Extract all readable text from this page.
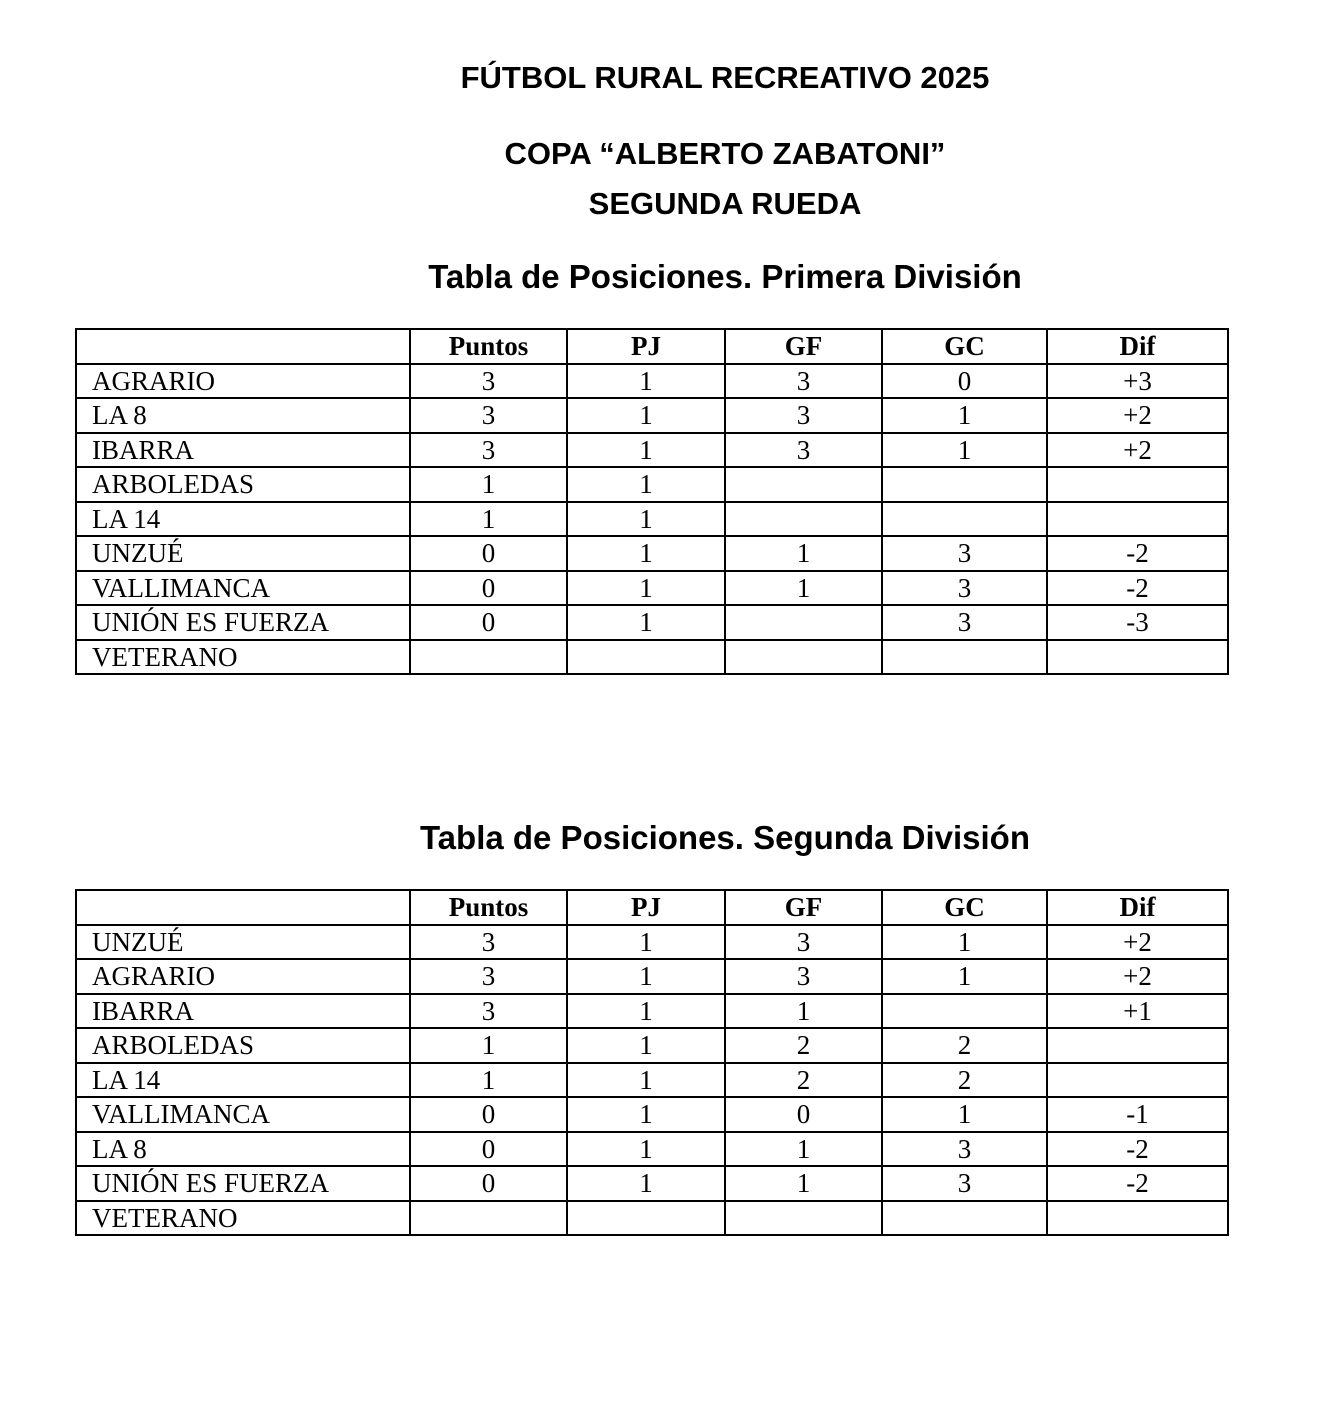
FÚTBOL RURAL RECREATIVO 2025
COPA “ALBERTO ZABATONI”
SEGUNDA RUEDA
Tabla de Posiciones. Primera División
	Puntos	PJ	GF	GC	Dif
AGRARIO	3	1	3	0	+3
LA 8	3	1	3	1	+2
IBARRA	3	1	3	1	+2
ARBOLEDAS	1	1			
LA 14	1	1			
UNZUÉ	0	1	1	3	-2
VALLIMANCA	0	1	1	3	-2
UNIÓN ES FUERZA	0	1		3	-3
VETERANO					
Tabla de Posiciones. Segunda División
	Puntos	PJ	GF	GC	Dif
UNZUÉ	3	1	3	1	+2
AGRARIO	3	1	3	1	+2
IBARRA	3	1	1		+1
ARBOLEDAS	1	1	2	2	
LA 14	1	1	2	2	
VALLIMANCA	0	1	0	1	-1
LA 8	0	1	1	3	-2
UNIÓN ES FUERZA	0	1	1	3	-2
VETERANO					
